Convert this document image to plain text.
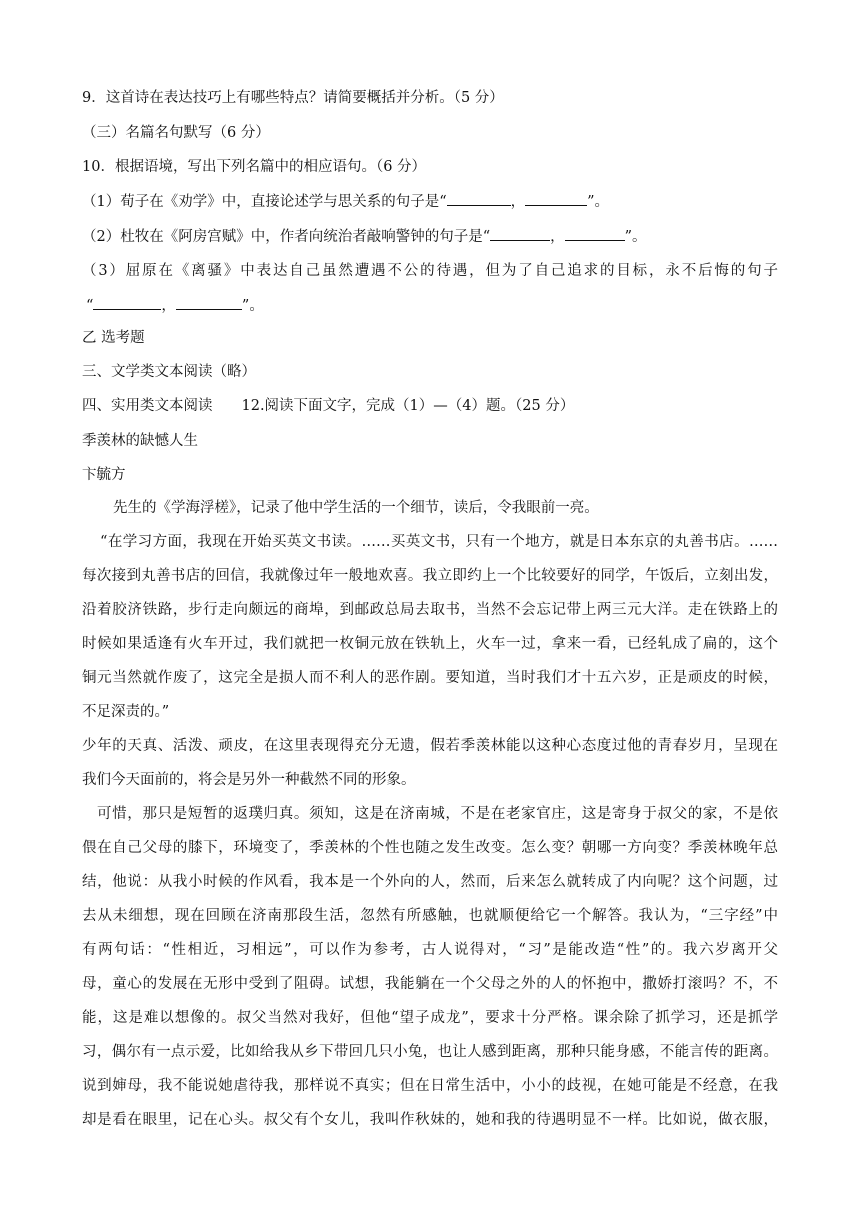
9．这首诗在表达技巧上有哪些特点？请简要概括并分析。（5 分）

（三）名篇名句默写（6 分）

10．根据语境，写出下列名篇中的相应语句。（6 分）

（1）荀子在《劝学》中，直接论述学与思关系的句子是“	，	”。

（2）杜牧在《阿房宫赋》中，作者向统治者敲响警钟的句子是“	，	”。

（3）屈原在《离骚》中表达自己虽然遭遇不公的待遇，但为了自己追求的目标，永不后悔的句子

“	，	”。

乙 选考题

三、文学类文本阅读（略）

四、实用类文本阅读　　12.阅读下面文字，完成（1）—（4）题。（25 分）

季羡林的缺憾人生

卞毓方

先生的《学海浮槎》，记录了他中学生活的一个细节，读后，令我眼前一亮。

“在学习方面，我现在开始买英文书读。……买英文书，只有一个地方，就是日本东京的丸善书店。……

每次接到丸善书店的回信，我就像过年一般地欢喜。我立即约上一个比较要好的同学，午饭后，立刻出发，

沿着胶济铁路，步行走向颇远的商埠，到邮政总局去取书，当然不会忘记带上两三元大洋。走在铁路上的

时候如果适逢有火车开过，我们就把一枚铜元放在铁轨上，火车一过，拿来一看，已经轧成了扁的，这个

铜元当然就作废了，这完全是损人而不利人的恶作剧。要知道，当时我们才十五六岁，正是顽皮的时候，

不足深责的。”

少年的天真、活泼、顽皮，在这里表现得充分无遗，假若季羡林能以这种心态度过他的青春岁月，呈现在

我们今天面前的，将会是另外一种截然不同的形象。

可惜，那只是短暂的返璞归真。须知，这是在济南城，不是在老家官庄，这是寄身于叔父的家，不是依

偎在自己父母的膝下，环境变了，季羡林的个性也随之发生改变。怎么变？朝哪一方向变？季羡林晚年总

结，他说：从我小时候的作风看，我本是一个外向的人，然而，后来怎么就转成了内向呢？这个问题，过

去从未细想，现在回顾在济南那段生活，忽然有所感触，也就顺便给它一个解答。我认为，“三字经”中

有两句话：“性相近，习相远”，可以作为参考，古人说得对，“习”是能改造“性”的。我六岁离开父

母，童心的发展在无形中受到了阻碍。试想，我能躺在一个父母之外的人的怀抱中，撒娇打滚吗？不，不

能，这是难以想像的。叔父当然对我好，但他“望子成龙”，要求十分严格。课余除了抓学习，还是抓学

习，偶尔有一点示爱，比如给我从乡下带回几只小兔，也让人感到距离，那种只能身感，不能言传的距离。

说到婶母，我不能说她虐待我，那样说不真实；但在日常生活中，小小的歧视，在她可能是不经意，在我

却是看在眼里，记在心头。叔父有个女儿，我叫作秋妹的，她和我的待遇明显不一样。比如说，做衣服，
